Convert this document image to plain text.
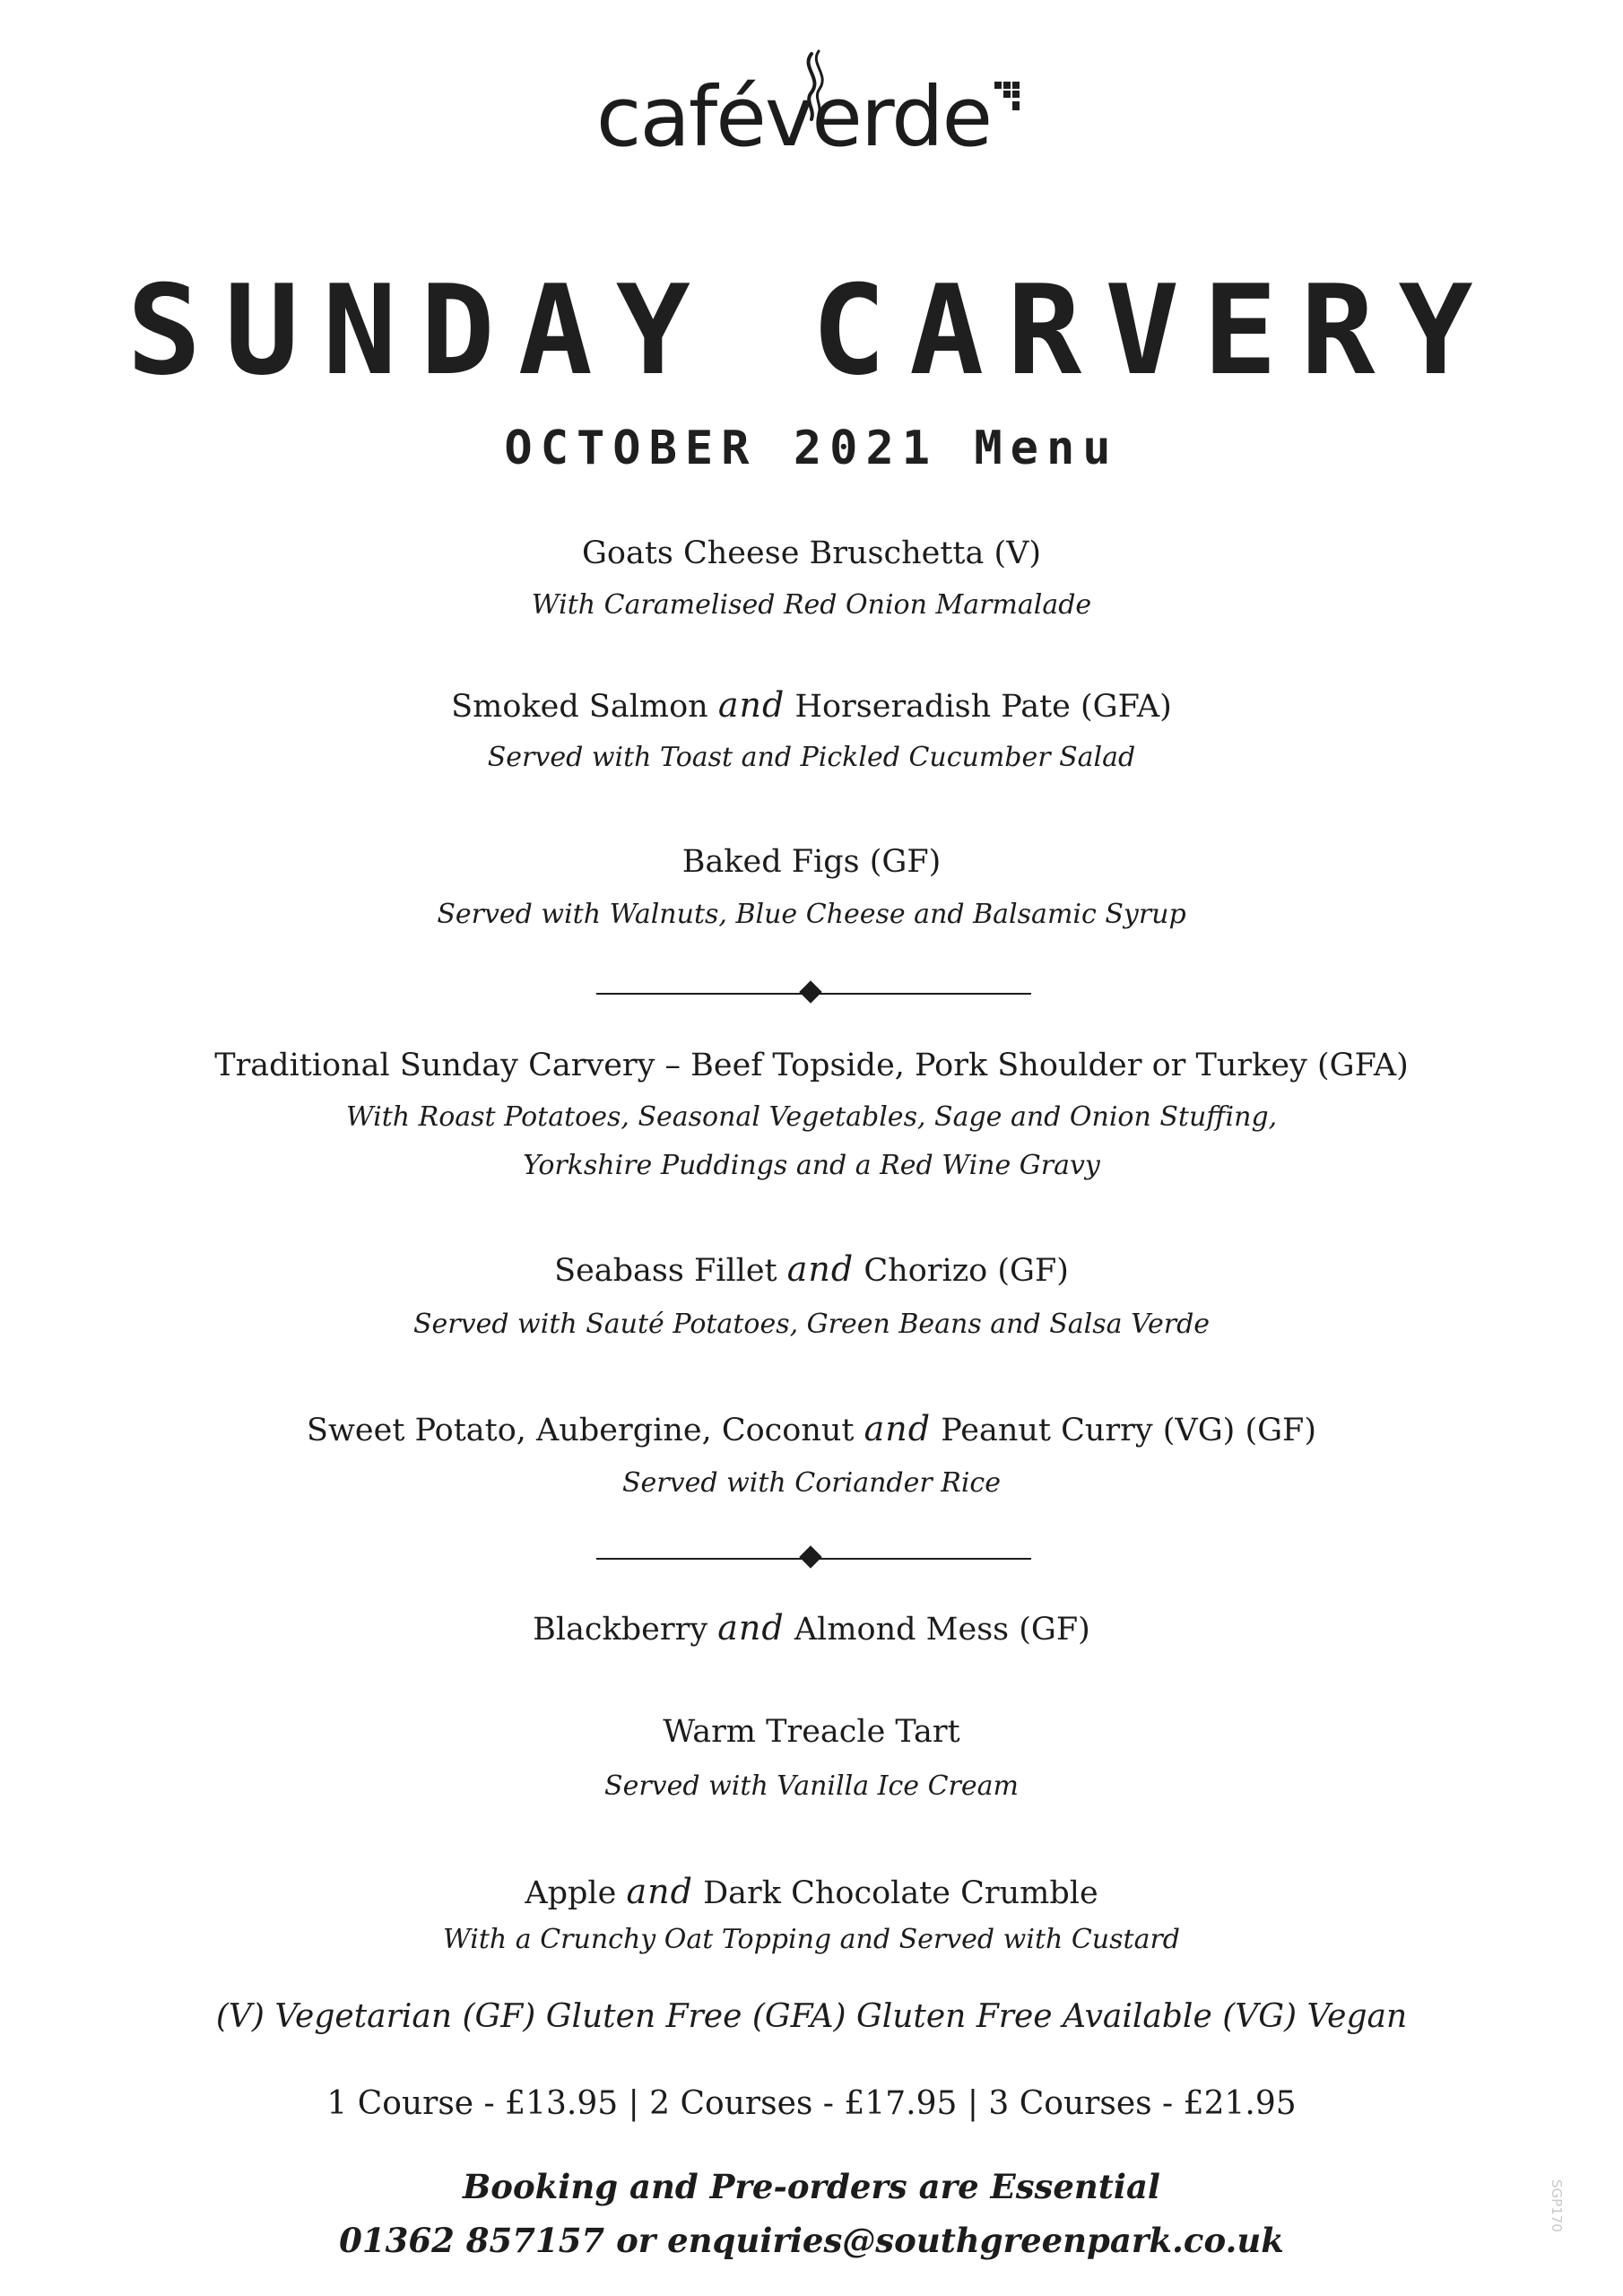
caféverde
SUNDAY CARVERY
OCTOBER 2021 Menu
Goats Cheese Bruschetta (V)
With Caramelised Red Onion Marmalade
Smoked Salmon and Horseradish Pate (GFA)
Served with Toast and Pickled Cucumber Salad
Baked Figs (GF)
Served with Walnuts, Blue Cheese and Balsamic Syrup
Traditional Sunday Carvery – Beef Topside, Pork Shoulder or Turkey (GFA)
With Roast Potatoes, Seasonal Vegetables, Sage and Onion Stuffing,
Yorkshire Puddings and a Red Wine Gravy
Seabass Fillet and Chorizo (GF)
Served with Sauté Potatoes, Green Beans and Salsa Verde
Sweet Potato, Aubergine, Coconut and Peanut Curry (VG) (GF)
Served with Coriander Rice
Blackberry and Almond Mess (GF)
Warm Treacle Tart
Served with Vanilla Ice Cream
Apple and Dark Chocolate Crumble
With a Crunchy Oat Topping and Served with Custard
(V) Vegetarian (GF) Gluten Free (GFA) Gluten Free Available (VG) Vegan
1 Course - £13.95 | 2 Courses - £17.95 | 3 Courses - £21.95
Booking and Pre-orders are Essential
01362 857157 or enquiries@southgreenpark.co.uk
SGP170
